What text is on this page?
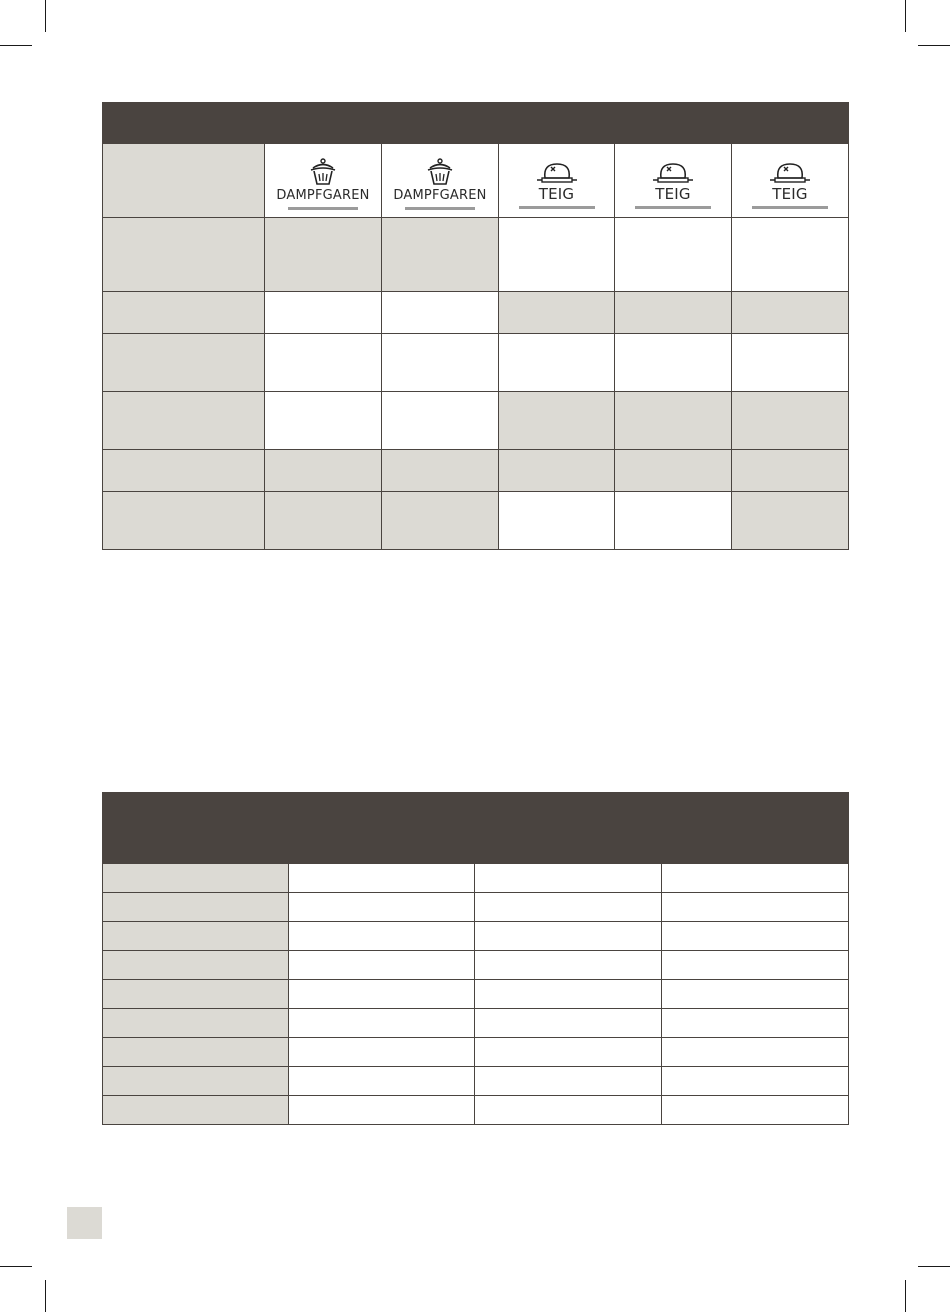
	DAMPFGAREN	DAMPFGAREN	TEIG	TEIG	TEIG
